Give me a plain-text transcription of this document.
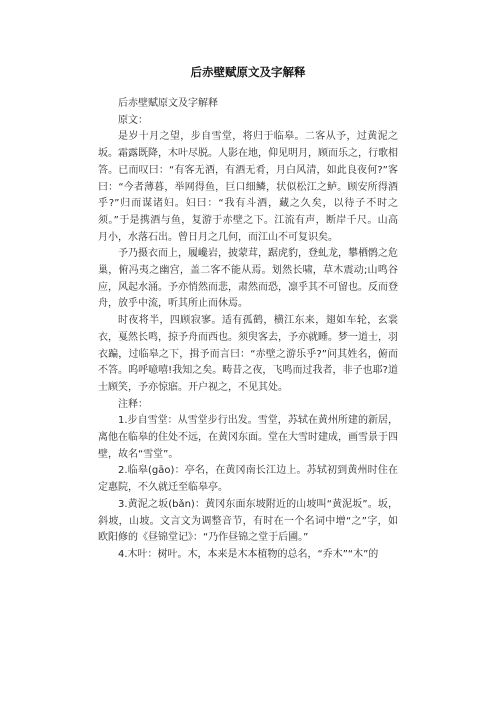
后赤壁赋原文及字解释

后赤壁赋原文及字解释

原文：

是岁十月之望，步自雪堂，将归于临皋。二客从予，过黄泥之坂。霜露既降，木叶尽脱。人影在地，仰见明月，顾而乐之，行歌相答。已而叹曰：“有客无酒，有酒无肴，月白风清，如此良夜何?”客曰：“今者薄暮，举网得鱼，巨口细鳞，状似松江之鲈。顾安所得酒乎?”归而谋诸妇。妇曰：“我有斗酒，藏之久矣，以待子不时之须。”于是携酒与鱼，复游于赤壁之下。江流有声，断岸千尺。山高月小，水落石出。曾日月之几何，而江山不可复识矣。

予乃摄衣而上，履巉岩，披蒙茸，踞虎豹，登虬龙，攀栖鹘之危巢，俯冯夷之幽宫，盖二客不能从焉。划然长啸，草木震动;山鸣谷应，风起水涌。予亦悄然而悲，肃然而恐，凛乎其不可留也。反而登舟，放乎中流，听其所止而休焉。

时夜将半，四顾寂寥。适有孤鹤，横江东来，翅如车轮，玄裳衣，戛然长鸣，掠予舟而西也。须臾客去，予亦就睡。梦一道士，羽衣蹁，过临皋之下，揖予而言曰：“赤壁之游乐乎?”问其姓名，俯而不答。呜呼噫嘻!我知之矣。畴昔之夜，飞鸣而过我者，非子也耶?道士顾笑，予亦惊寤。开户视之，不见其处。

注释：

1.步自雪堂：从雪堂步行出发。雪堂，苏轼在黄州所建的新居，离他在临皋的住处不远，在黄冈东面。堂在大雪时建成，画雪景于四壁，故名“雪堂”。

2.临皋(gāo)：亭名，在黄冈南长江边上。苏轼初到黄州时住在定惠院，不久就迁至临皋亭。

3.黄泥之坂(bǎn)：黄冈东面东坡附近的山坡叫“黄泥坂”。坂，斜坡，山坡。文言文为调整音节，有时在一个名词中增“之”字，如欧阳修的《昼锦堂记》：“乃作昼锦之堂于后圃。”

4.木叶：树叶。木，本来是木本植物的总名，“乔木”“木”的
